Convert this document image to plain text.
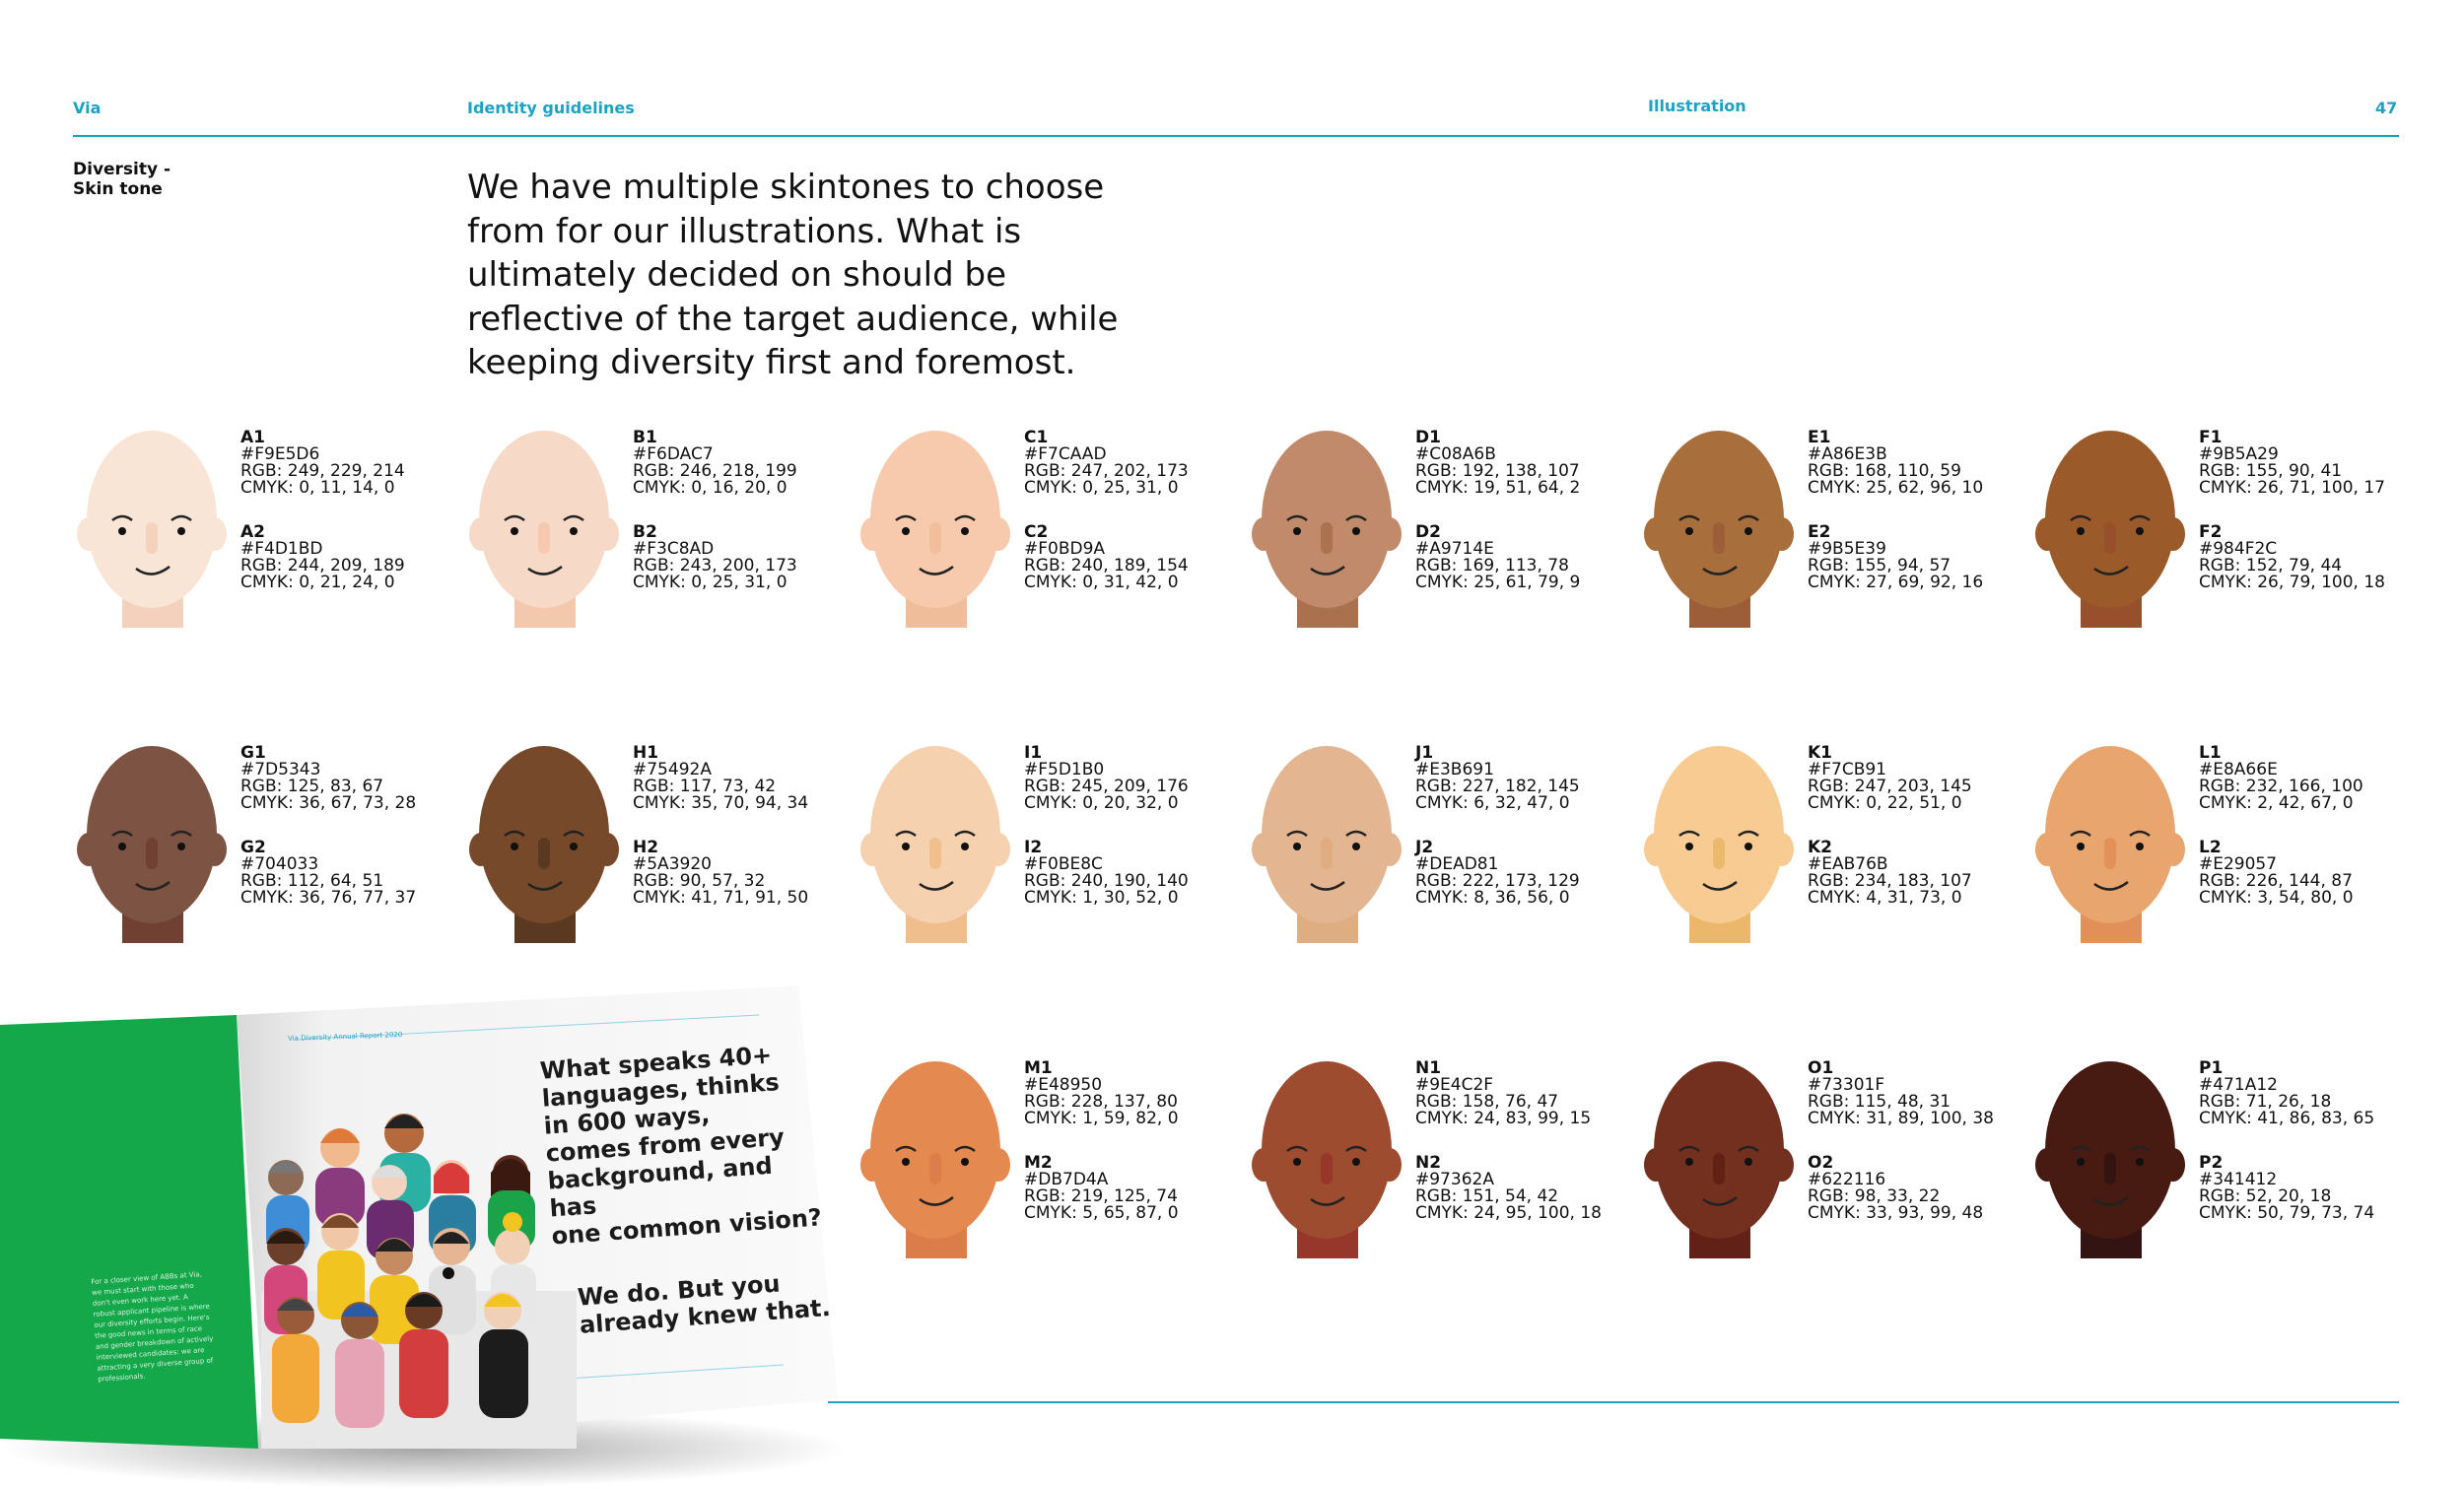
Via	Identity guidelines	Illustration	47
Diversity -
Skin tone	We have multiple skintones to choose from for our illustrations. What is ultimately decided on should be reflective of the target audience, while keeping diversity first and foremost.
A1
#F9E5D6
RGB: 249, 229, 214
CMYK: 0, 11, 14, 0
A2
#F4D1BD
RGB: 244, 209, 189
CMYK: 0, 21, 24, 0
B1
#F6DAC7
RGB: 246, 218, 199
CMYK: 0, 16, 20, 0
B2
#F3C8AD
RGB: 243, 200, 173
CMYK: 0, 25, 31, 0
C1
#F7CAAD
RGB: 247, 202, 173
CMYK: 0, 25, 31, 0
C2
#F0BD9A
RGB: 240, 189, 154
CMYK: 0, 31, 42, 0
D1
#C08A6B
RGB: 192, 138, 107
CMYK: 19, 51, 64, 2
D2
#A9714E
RGB: 169, 113, 78
CMYK: 25, 61, 79, 9
E1
#A86E3B
RGB: 168, 110, 59
CMYK: 25, 62, 96, 10
E2
#9B5E39
RGB: 155, 94, 57
CMYK: 27, 69, 92, 16
F1
#9B5A29
RGB: 155, 90, 41
CMYK: 26, 71, 100, 17
F2
#984F2C
RGB: 152, 79, 44
CMYK: 26, 79, 100, 18
G1
#7D5343
RGB: 125, 83, 67
CMYK: 36, 67, 73, 28
G2
#704033
RGB: 112, 64, 51
CMYK: 36, 76, 77, 37
H1
#75492A
RGB: 117, 73, 42
CMYK: 35, 70, 94, 34
H2
#5A3920
RGB: 90, 57, 32
CMYK: 41, 71, 91, 50
I1
#F5D1B0
RGB: 245, 209, 176
CMYK: 0, 20, 32, 0
I2
#F0BE8C
RGB: 240, 190, 140
CMYK: 1, 30, 52, 0
J1
#E3B691
RGB: 227, 182, 145
CMYK: 6, 32, 47, 0
J2
#DEAD81
RGB: 222, 173, 129
CMYK: 8, 36, 56, 0
K1
#F7CB91
RGB: 247, 203, 145
CMYK: 0, 22, 51, 0
K2
#EAB76B
RGB: 234, 183, 107
CMYK: 4, 31, 73, 0
L1
#E8A66E
RGB: 232, 166, 100
CMYK: 2, 42, 67, 0
L2
#E29057
RGB: 226, 144, 87
CMYK: 3, 54, 80, 0
M1
#E48950
RGB: 228, 137, 80
CMYK: 1, 59, 82, 0
M2
#DB7D4A
RGB: 219, 125, 74
CMYK: 5, 65, 87, 0
N1
#9E4C2F
RGB: 158, 76, 47
CMYK: 24, 83, 99, 15
N2
#97362A
RGB: 151, 54, 42
CMYK: 24, 95, 100, 18
O1
#73301F
RGB: 115, 48, 31
CMYK: 31, 89, 100, 38
O2
#622116
RGB: 98, 33, 22
CMYK: 33, 93, 99, 48
P1
#471A12
RGB: 71, 26, 18
CMYK: 41, 86, 83, 65
P2
#341412
RGB: 52, 20, 18
CMYK: 50, 79, 73, 74
Via Diversity Annual Report 2020

What speaks 40+
languages, thinks
in 600 ways,
comes from every
background, and has
one common vision?

We do. But you
already knew that.

For a closer view of ABBs at Via, we must start with those who don't even work here yet. A robust applicant pipeline is where our diversity efforts begin. Here's the good news in terms of race and gender breakdown of actively interviewed candidates: we are attracting a very diverse group of professionals.
